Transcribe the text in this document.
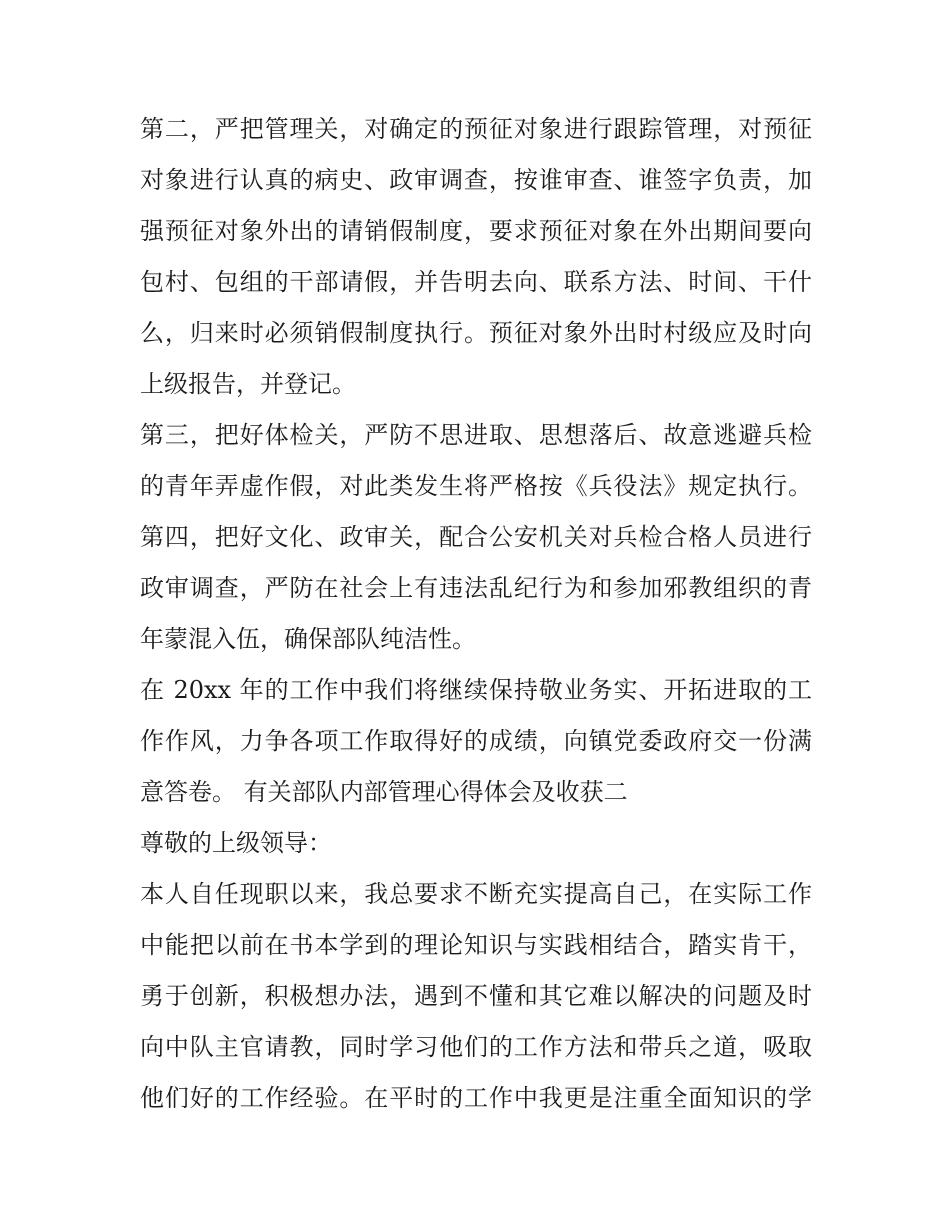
第二，严把管理关，对确定的预征对象进行跟踪管理，对预征
对象进行认真的病史、政审调查，按谁审查、谁签字负责，加
强预征对象外出的请销假制度，要求预征对象在外出期间要向
包村、包组的干部请假，并告明去向、联系方法、时间、干什
么，归来时必须销假制度执行。预征对象外出时村级应及时向
上级报告，并登记。
第三，把好体检关，严防不思进取、思想落后、故意逃避兵检
的青年弄虚作假，对此类发生将严格按《兵役法》规定执行。
第四，把好文化、政审关，配合公安机关对兵检合格人员进行
政审调查，严防在社会上有违法乱纪行为和参加邪教组织的青
年蒙混入伍，确保部队纯洁性。
在 20xx 年的工作中我们将继续保持敬业务实、开拓进取的工
作作风，力争各项工作取得好的成绩，向镇党委政府交一份满
意答卷。 有关部队内部管理心得体会及收获二
尊敬的上级领导：
本人自任现职以来，我总要求不断充实提高自己，在实际工作
中能把以前在书本学到的理论知识与实践相结合，踏实肯干，
勇于创新，积极想办法，遇到不懂和其它难以解决的问题及时
向中队主官请教，同时学习他们的工作方法和带兵之道，吸取
他们好的工作经验。在平时的工作中我更是注重全面知识的学
